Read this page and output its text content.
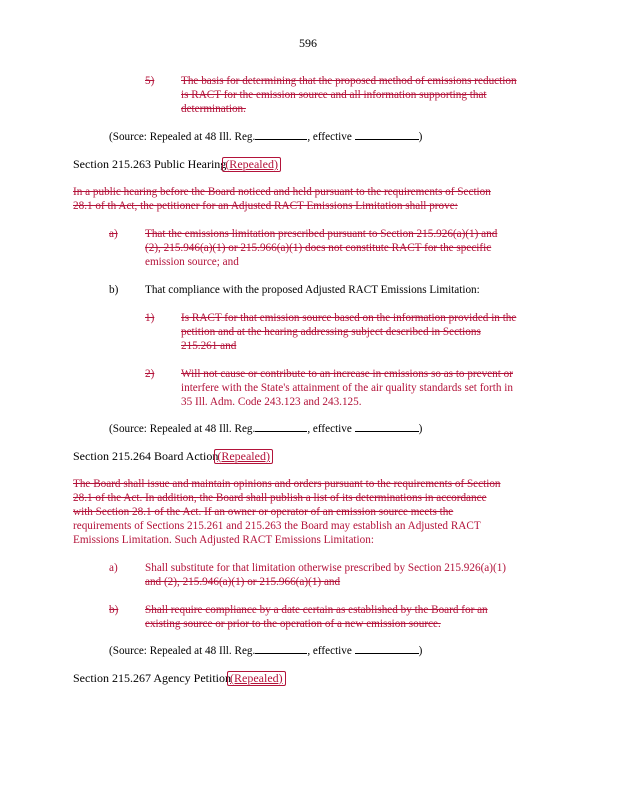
596
5) The basis for determining that the proposed method of emissions reduction
is RACT for the emission source and all information supporting that
determination.
(Source: Repealed at 48 Ill. Reg.	, effective	)
Section 215.263 Public Hearing(Repealed)
In a public hearing before the Board noticed and held pursuant to the requirements of Section
28.1 of th Act, the petitioner for an Adjusted RACT Emissions Limitation shall prove:
a) That the emissions limitation prescribed pursuant to Section 215.926(a)(1) and
(2), 215.946(a)(1) or 215.966(a)(1) does not constitute RACT for the specific
emission source; and
b) That compliance with the proposed Adjusted RACT Emissions Limitation:
1) Is RACT for that emission source based on the information provided in the
petition and at the hearing addressing subject described in Sections
215.261 and
2) Will not cause or contribute to an increase in emissions so as to prevent or
interfere with the State's attainment of the air quality standards set forth in
35 Ill. Adm. Code 243.123 and 243.125.
(Source: Repealed at 48 Ill. Reg.	, effective	)
Section 215.264 Board Action(Repealed)
The Board shall issue and maintain opinions and orders pursuant to the requirements of Section
28.1 of the Act. In addition, the Board shall publish a list of its determinations in accordance
with Section 28.1 of the Act. If an owner or operator of an emission source meets the
requirements of Sections 215.261 and 215.263 the Board may establish an Adjusted RACT
Emissions Limitation. Such Adjusted RACT Emissions Limitation:
a) Shall substitute for that limitation otherwise prescribed by Section 215.926(a)(1)
and (2), 215.946(a)(1) or 215.966(a)(1) and
b) Shall require compliance by a date certain as established by the Board for an
existing source or prior to the operation of a new emission source.
(Source: Repealed at 48 Ill. Reg.	, effective	)
Section 215.267 Agency Petition(Repealed)
